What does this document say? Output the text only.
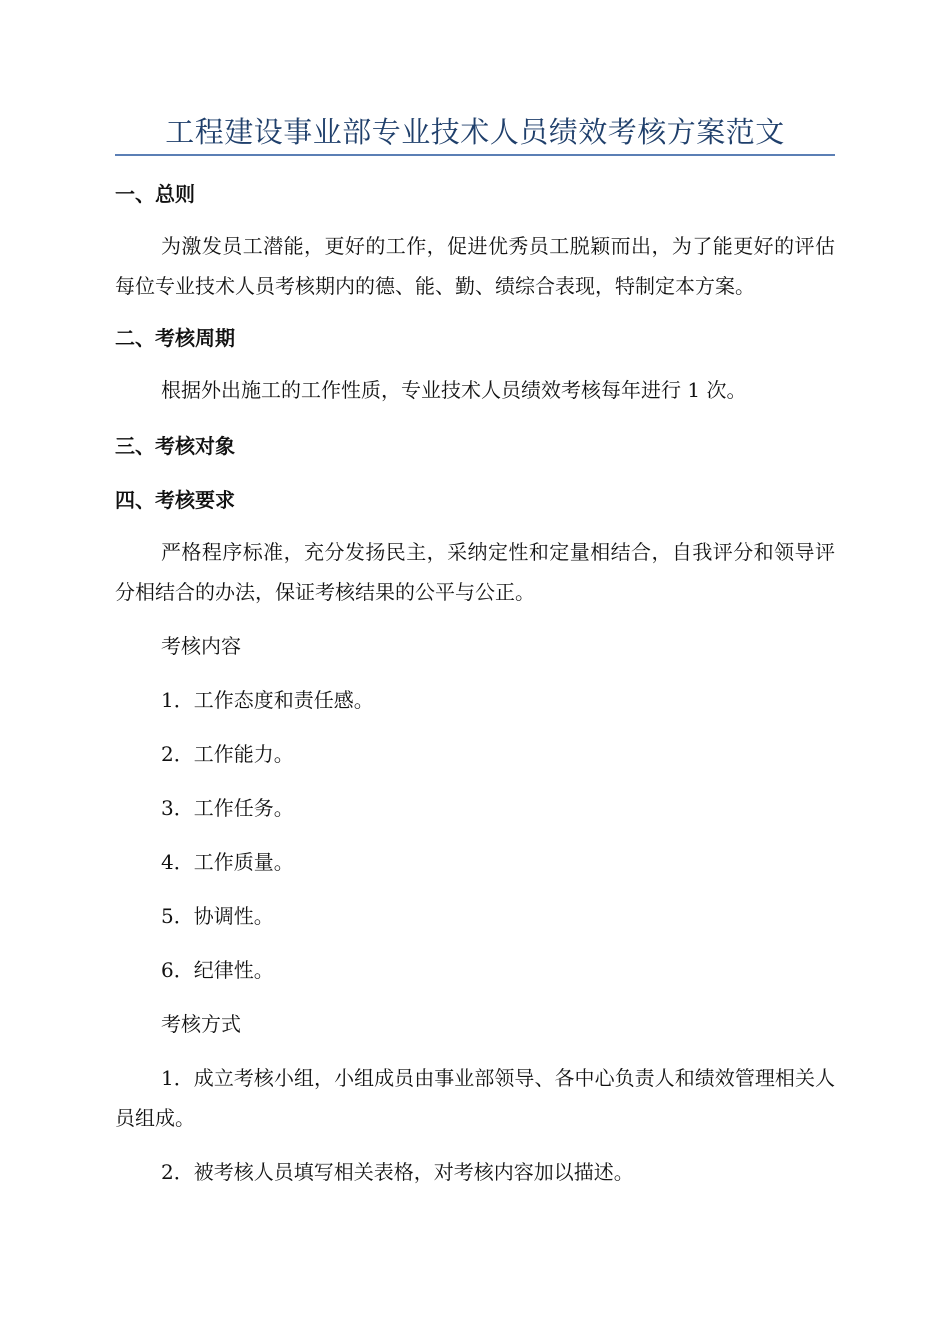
工程建设事业部专业技术人员绩效考核方案范文
一、总则

为激发员工潜能，更好的工作，促进优秀员工脱颖而出，为了能更好的评估每位专业技术人员考核期内的德、能、勤、绩综合表现，特制定本方案。

二、考核周期

根据外出施工的工作性质，专业技术人员绩效考核每年进行 1 次。

三、考核对象
四、考核要求

严格程序标准，充分发扬民主，采纳定性和定量相结合，自我评分和领导评分相结合的办法，保证考核结果的公平与公正。

考核内容
1．工作态度和责任感。
2．工作能力。
3．工作任务。
4．工作质量。
5．协调性。
6．纪律性。
考核方式

1．成立考核小组，小组成员由事业部领导、各中心负责人和绩效管理相关人员组成。

2．被考核人员填写相关表格，对考核内容加以描述。
